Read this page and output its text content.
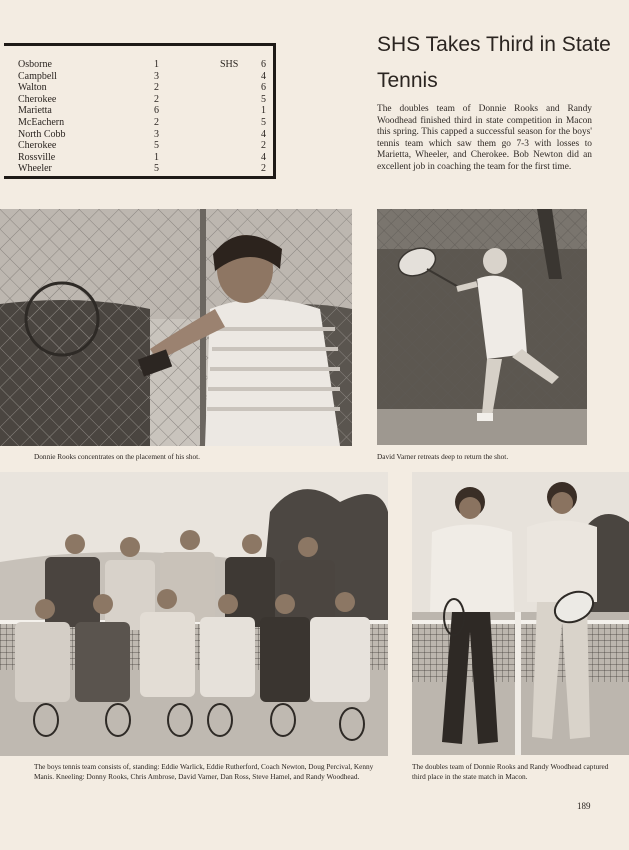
Osborne	1	SHS 6
Campbell	3	4
Walton	2	6
Cherokee	2	5
Marietta	6	1
McEachern	2	5
North Cobb	3	4
Cherokee	5	2
Rossville	1	4
Wheeler	5	2
SHS Takes Third in State Tennis
The doubles team of Donnie Rooks and Randy Woodhead finished third in state competition in Macon this spring. This capped a successful season for the boys' tennis team which saw them go 7-3 with losses to Marietta, Wheeler, and Cherokee. Bob Newton did an excellent job in coaching the team for the first time.
Donnie Rooks concentrates on the placement of his shot.	David Varner retreats deep to return the shot.
The boys tennis team consists of, standing: Eddie Warlick, Eddie Rutherford, Coach Newton, Doug Percival, Kenny Manis. Kneeling: Donny Rooks, Chris Ambrose, David Varner, Dan Ross, Steve Hamel, and Randy Woodhead.
The doubles team of Donnie Rooks and Randy Woodhead captured third place in the state match in Macon.
189
